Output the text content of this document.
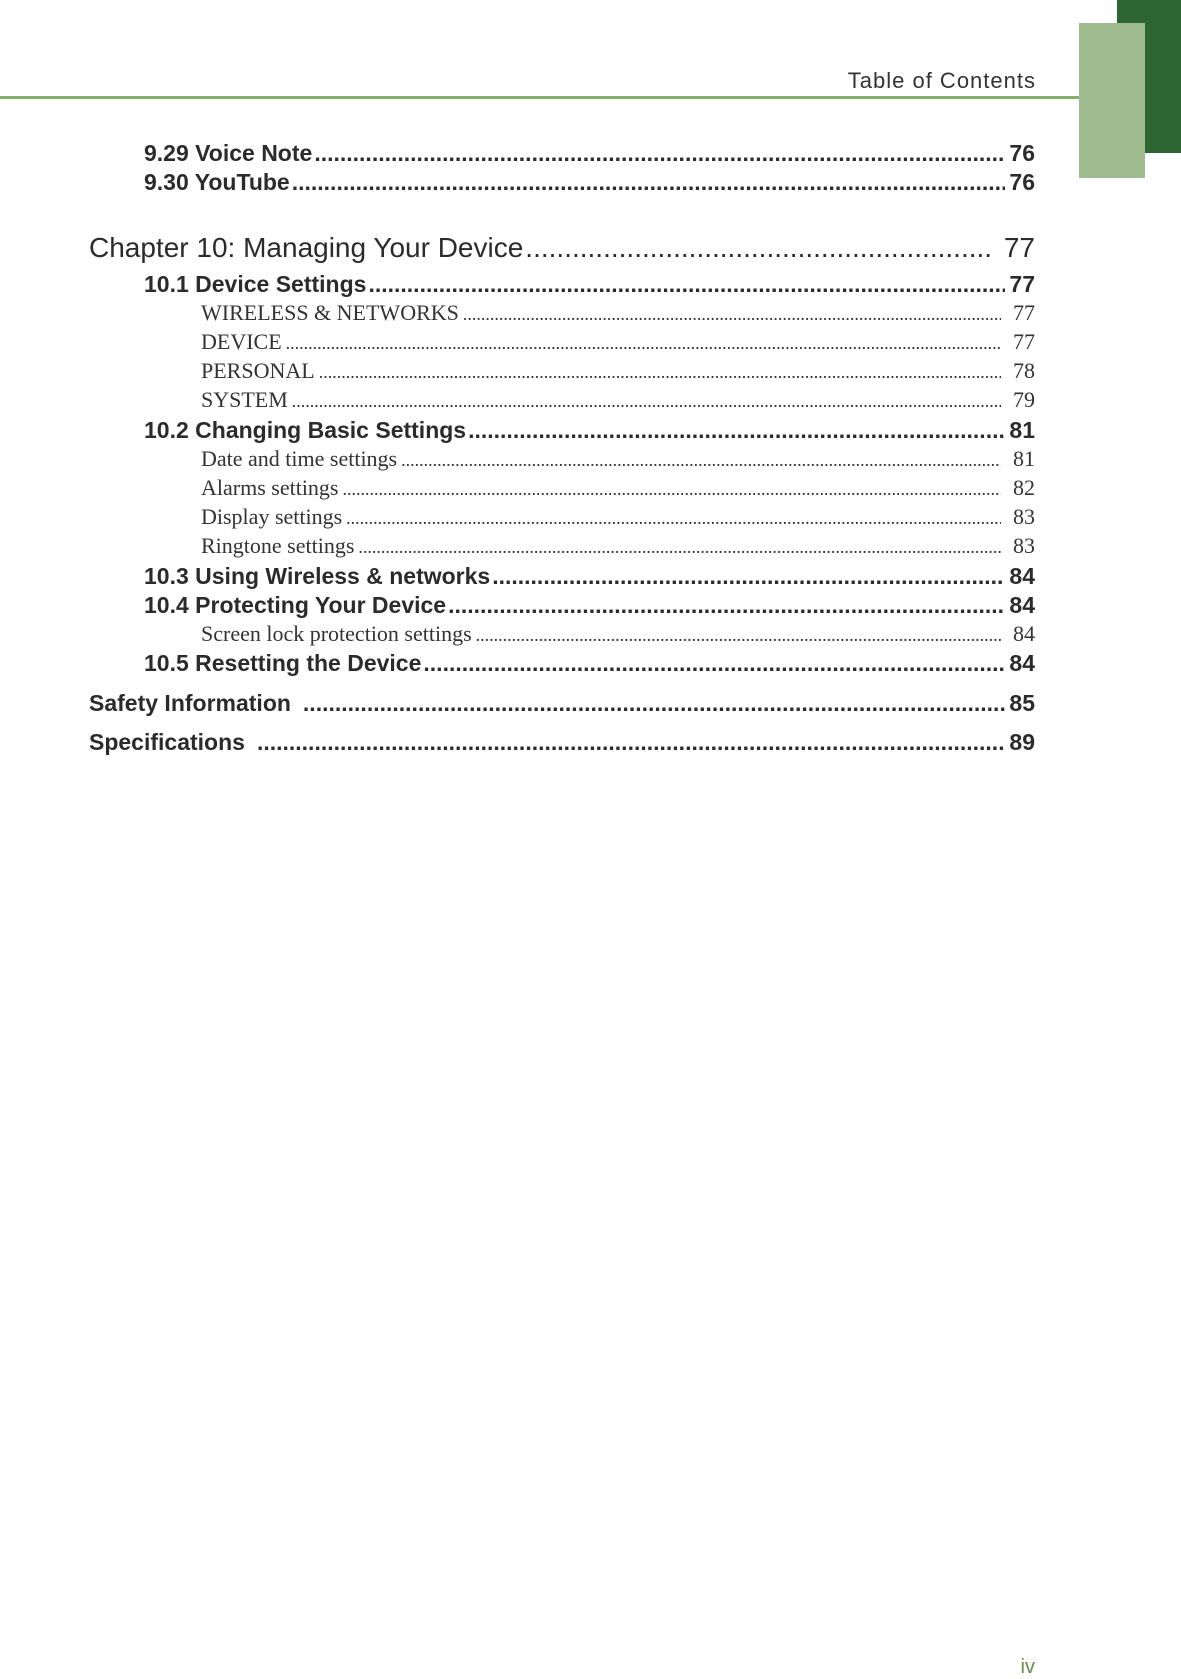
Table of Contents
9.29 Voice Note .....	76
9.30 YouTube .....	76
Chapter 10: Managing Your Device .....	77
10.1 Device Settings .....	77
WIRELESS & NETWORKS .....	77
DEVICE .....	77
PERSONAL .....	78
SYSTEM .....	79
10.2 Changing Basic Settings .....	81
Date and time settings .....	81
Alarms settings .....	82
Display settings .....	83
Ringtone settings .....	83
10.3 Using Wireless & networks .....	84
10.4 Protecting Your Device .....	84
Screen lock protection settings .....	84
10.5 Resetting the Device .....	84
Safety Information .....	85
Specifications .....	89
iv
